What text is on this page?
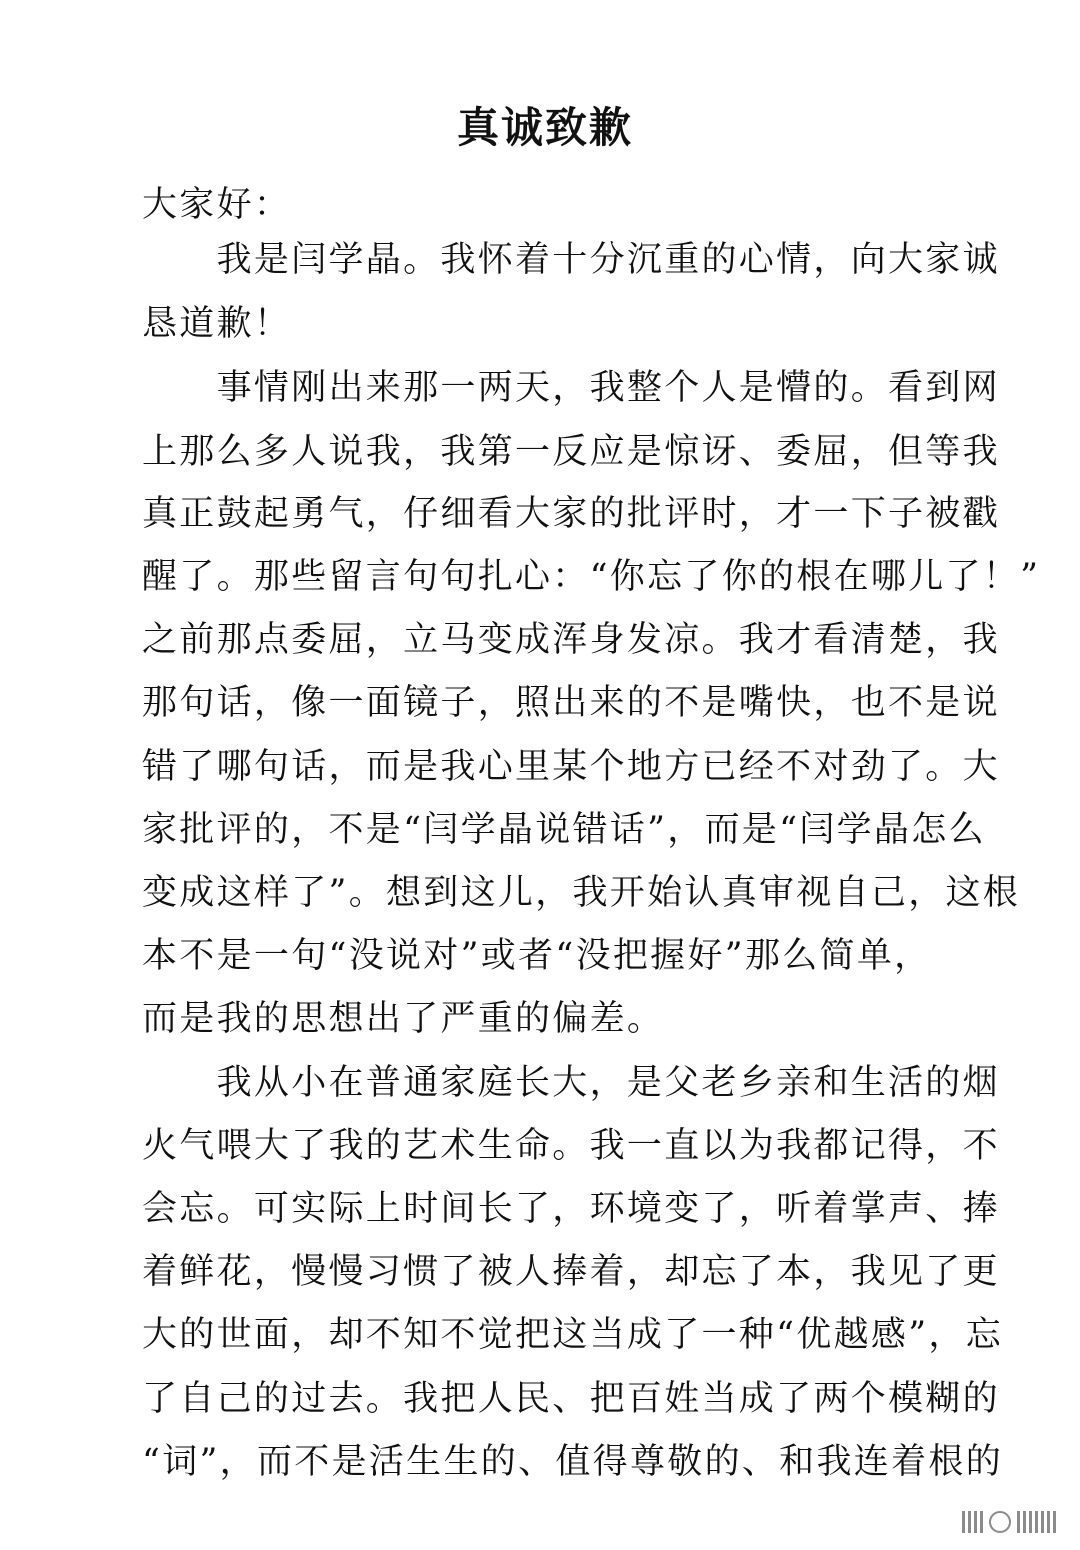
真诚致歉
大家好：
　　我是闫学晶。我怀着十分沉重的心情，向大家诚
恳道歉！
　　事情刚出来那一两天，我整个人是懵的。看到网
上那么多人说我，我第一反应是惊讶、委屈，但等我
真正鼓起勇气，仔细看大家的批评时，才一下子被戳
醒了。那些留言句句扎心：“你忘了你的根在哪儿了！”
之前那点委屈，立马变成浑身发凉。我才看清楚，我
那句话，像一面镜子，照出来的不是嘴快，也不是说
错了哪句话，而是我心里某个地方已经不对劲了。大
家批评的，不是“闫学晶说错话”，而是“闫学晶怎么
变成这样了”。想到这儿，我开始认真审视自己，这根
本不是一句“没说对”或者“没把握好”那么简单，
而是我的思想出了严重的偏差。
　　我从小在普通家庭长大，是父老乡亲和生活的烟
火气喂大了我的艺术生命。我一直以为我都记得，不
会忘。可实际上时间长了，环境变了，听着掌声、捧
着鲜花，慢慢习惯了被人捧着，却忘了本，我见了更
大的世面，却不知不觉把这当成了一种“优越感”，忘
了自己的过去。我把人民、把百姓当成了两个模糊的
“词”，而不是活生生的、值得尊敬的、和我连着根的
